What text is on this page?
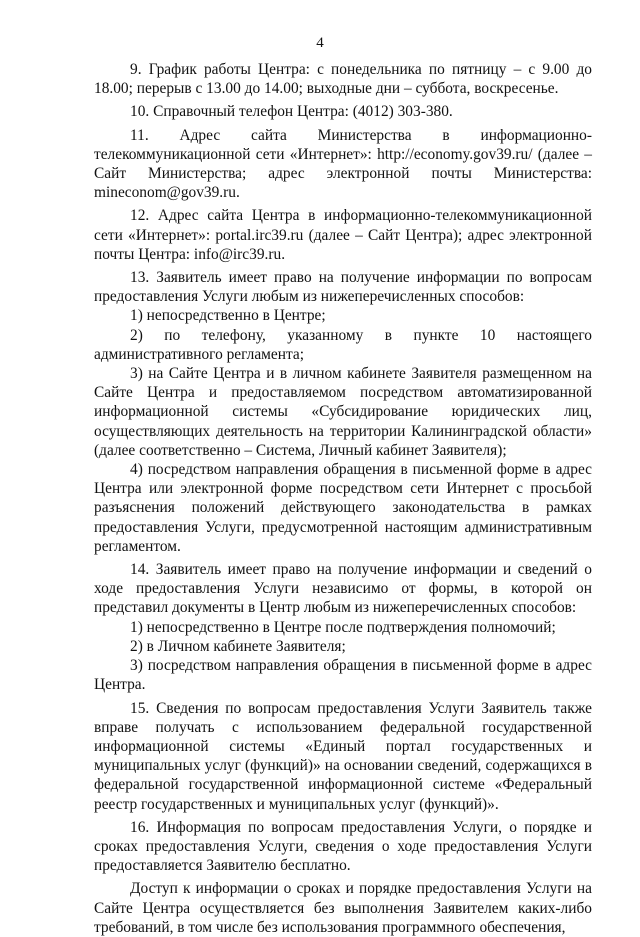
4

9. График работы Центра: с понедельника по пятницу – с 9.00 до 18.00; перерыв с 13.00 до 14.00; выходные дни – суббота, воскресенье.

10. Справочный телефон Центра: (4012) 303-380.

11. Адрес сайта Министерства в информационно-телекоммуникационной сети «Интернет»: http://economy.gov39.ru/ (далее – Сайт Министерства; адрес электронной почты Министерства: mineconom@gov39.ru.

12. Адрес сайта Центра в информационно-телекоммуникационной сети «Интернет»: portal.irc39.ru (далее – Сайт Центра); адрес электронной почты Центра: info@irc39.ru.

13. Заявитель имеет право на получение информации по вопросам предоставления Услуги любым из нижеперечисленных способов:

1) непосредственно в Центре;

2) по телефону, указанному в пункте 10 настоящего административного регламента;

3) на Сайте Центра и в личном кабинете Заявителя размещенном на Сайте Центра и предоставляемом посредством автоматизированной информационной системы «Субсидирование юридических лиц, осуществляющих деятельность на территории Калининградской области» (далее соответственно – Система, Личный кабинет Заявителя);

4) посредством направления обращения в письменной форме в адрес Центра или электронной форме посредством сети Интернет с просьбой разъяснения положений действующего законодательства в рамках предоставления Услуги, предусмотренной настоящим административным регламентом.

14. Заявитель имеет право на получение информации и сведений о ходе предоставления Услуги независимо от формы, в которой он представил документы в Центр любым из нижеперечисленных способов:

1) непосредственно в Центре после подтверждения полномочий;

2) в Личном кабинете Заявителя;

3) посредством направления обращения в письменной форме в адрес Центра.

15. Сведения по вопросам предоставления Услуги Заявитель также вправе получать с использованием федеральной государственной информационной системы «Единый портал государственных и муниципальных услуг (функций)» на основании сведений, содержащихся в федеральной государственной информационной системе «Федеральный реестр государственных и муниципальных услуг (функций)».

16. Информация по вопросам предоставления Услуги, о порядке и сроках предоставления Услуги, сведения о ходе предоставления Услуги предоставляется Заявителю бесплатно.

Доступ к информации о сроках и порядке предоставления Услуги на Сайте Центра осуществляется без выполнения Заявителем каких-либо требований, в том числе без использования программного обеспечения,
